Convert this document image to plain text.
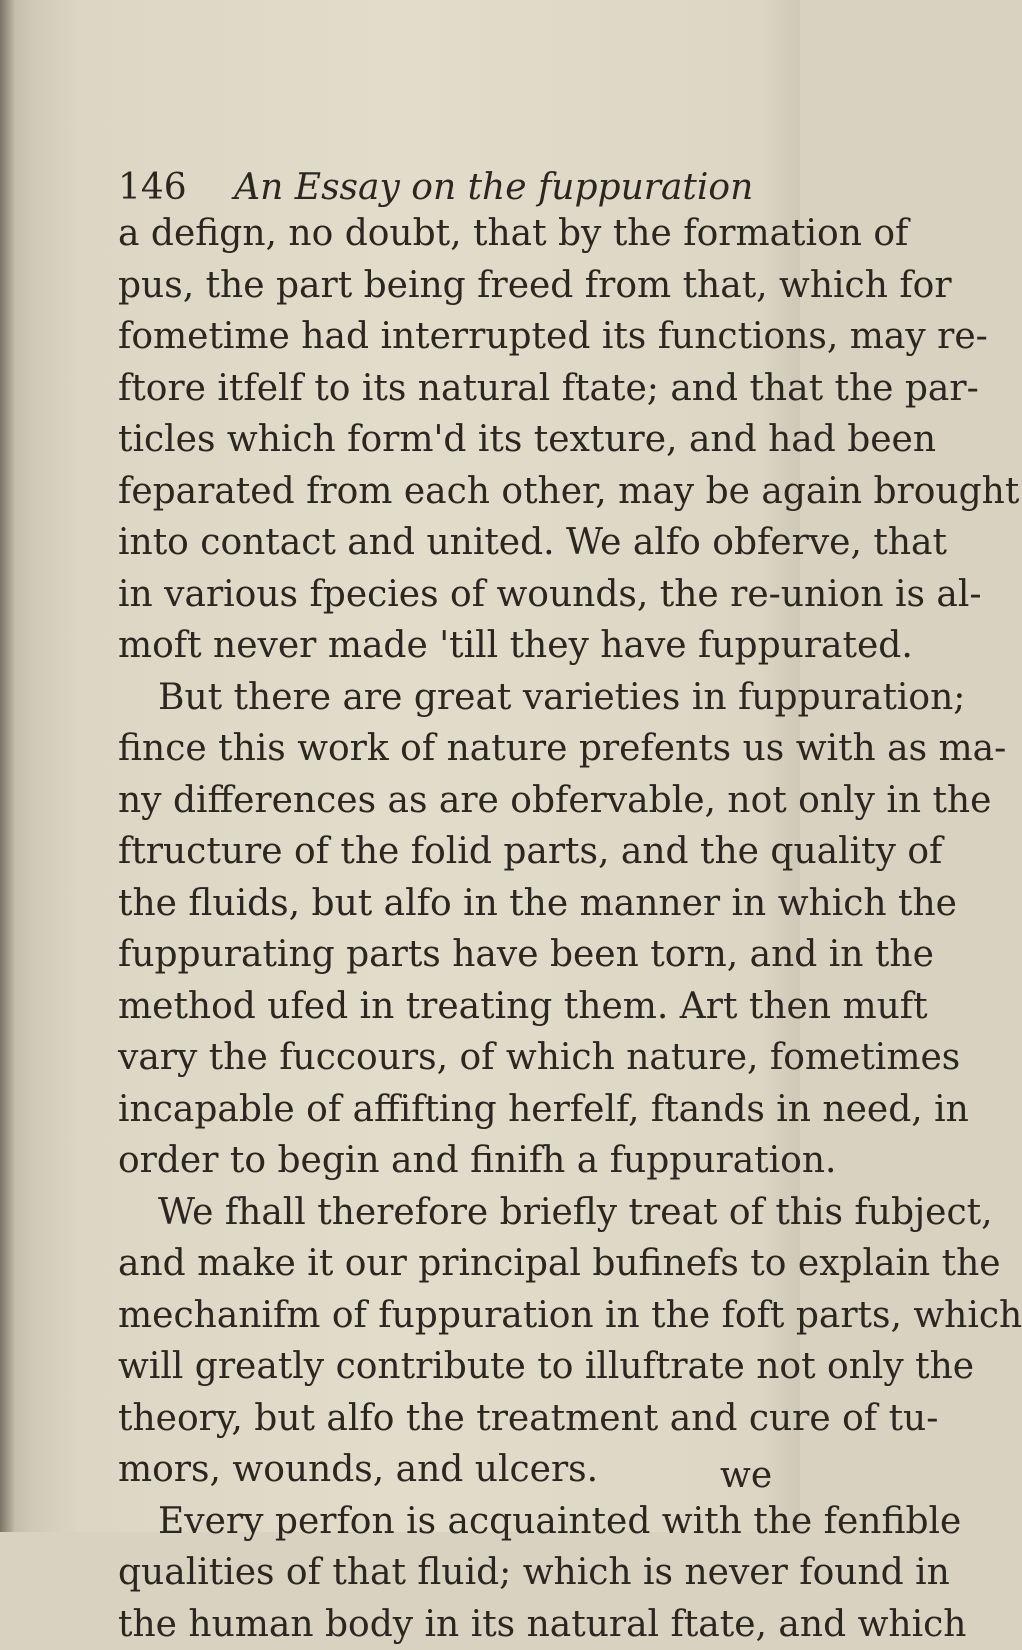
146 An Essay on the fuppuration
a defign, no doubt, that by the formation of
pus, the part being freed from that, which for
fometime had interrupted its functions, may re-
ftore itfelf to its natural ftate; and that the par-
ticles which form'd its texture, and had been
feparated from each other, may be again brought
into contact and united. We alfo obferve, that
in various fpecies of wounds, the re-union is al-
moft never made 'till they have fuppurated.
But there are great varieties in fuppuration;
fince this work of nature prefents us with as ma-
ny differences as are obfervable, not only in the
ftructure of the folid parts, and the quality of
the fluids, but alfo in the manner in which the
fuppurating parts have been torn, and in the
method ufed in treating them. Art then muft
vary the fuccours, of which nature, fometimes
incapable of affifting herfelf, ftands in need, in
order to begin and finifh a fuppuration.
We fhall therefore briefly treat of this fubject,
and make it our principal bufinefs to explain the
mechanifm of fuppuration in the foft parts, which
will greatly contribute to illuftrate not only the
theory, but alfo the treatment and cure of tu-
mors, wounds, and ulcers.
Every perfon is acquainted with the fenfible
qualities of that fluid; which is never found in
the human body in its natural ftate, and which
we
